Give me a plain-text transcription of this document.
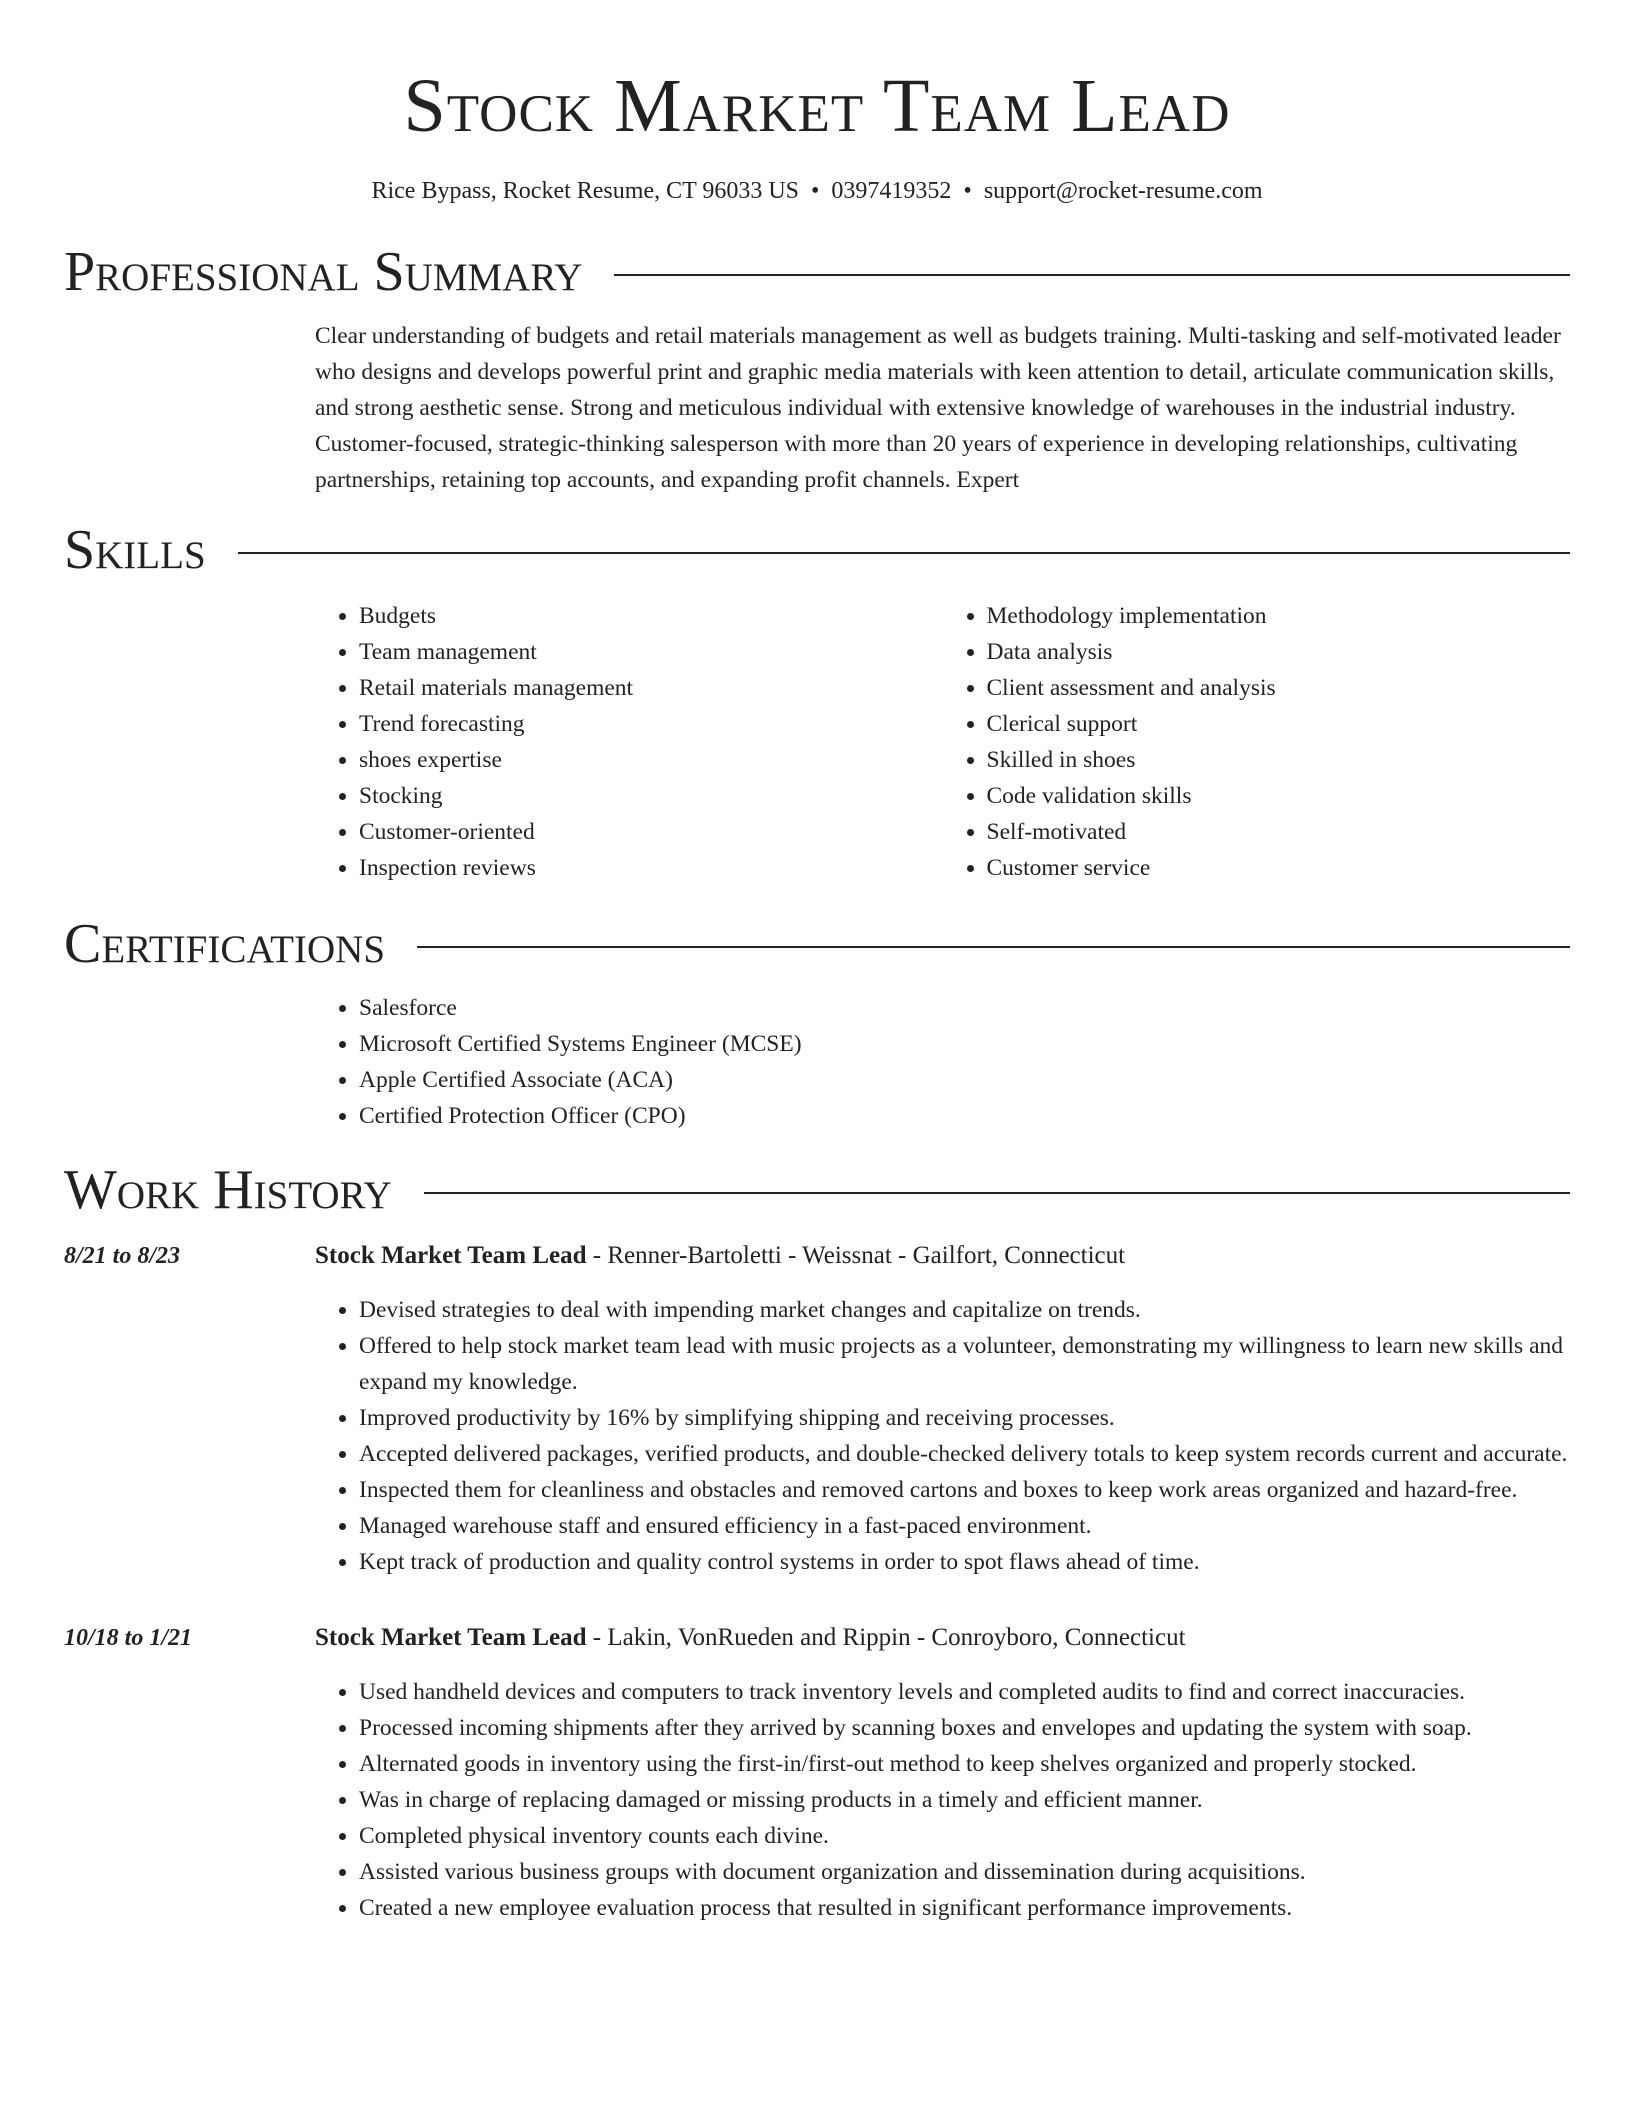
Stock Market Team Lead
Rice Bypass, Rocket Resume, CT 96033 US • 0397419352 • support@rocket-resume.com
Professional Summary

Clear understanding of budgets and retail materials management as well as budgets training. Multi-tasking and self-motivated leader who designs and develops powerful print and graphic media materials with keen attention to detail, articulate communication skills, and strong aesthetic sense. Strong and meticulous individual with extensive knowledge of warehouses in the industrial industry. Customer-focused, strategic-thinking salesperson with more than 20 years of experience in developing relationships, cultivating partnerships, retaining top accounts, and expanding profit channels. Expert

Skills
• Budgets
• Team management
• Retail materials management
• Trend forecasting
• shoes expertise
• Stocking
• Customer-oriented
• Inspection reviews
• Methodology implementation
• Data analysis
• Client assessment and analysis
• Clerical support
• Skilled in shoes
• Code validation skills
• Self-motivated
• Customer service
Certifications
• Salesforce
• Microsoft Certified Systems Engineer (MCSE)
• Apple Certified Associate (ACA)
• Certified Protection Officer (CPO)
Work History
8/21 to 8/23	Stock Market Team Lead - Renner-Bartoletti - Weissnat - Gailfort, Connecticut
• Devised strategies to deal with impending market changes and capitalize on trends.
• Offered to help stock market team lead with music projects as a volunteer, demonstrating my willingness to learn new skills and expand my knowledge.
• Improved productivity by 16% by simplifying shipping and receiving processes.
• Accepted delivered packages, verified products, and double-checked delivery totals to keep system records current and accurate.
• Inspected them for cleanliness and obstacles and removed cartons and boxes to keep work areas organized and hazard-free.
• Managed warehouse staff and ensured efficiency in a fast-paced environment.
• Kept track of production and quality control systems in order to spot flaws ahead of time.
10/18 to 1/21	Stock Market Team Lead - Lakin, VonRueden and Rippin - Conroyboro, Connecticut
• Used handheld devices and computers to track inventory levels and completed audits to find and correct inaccuracies.
• Processed incoming shipments after they arrived by scanning boxes and envelopes and updating the system with soap.
• Alternated goods in inventory using the first-in/first-out method to keep shelves organized and properly stocked.
• Was in charge of replacing damaged or missing products in a timely and efficient manner.
• Completed physical inventory counts each divine.
• Assisted various business groups with document organization and dissemination during acquisitions.
• Created a new employee evaluation process that resulted in significant performance improvements.
